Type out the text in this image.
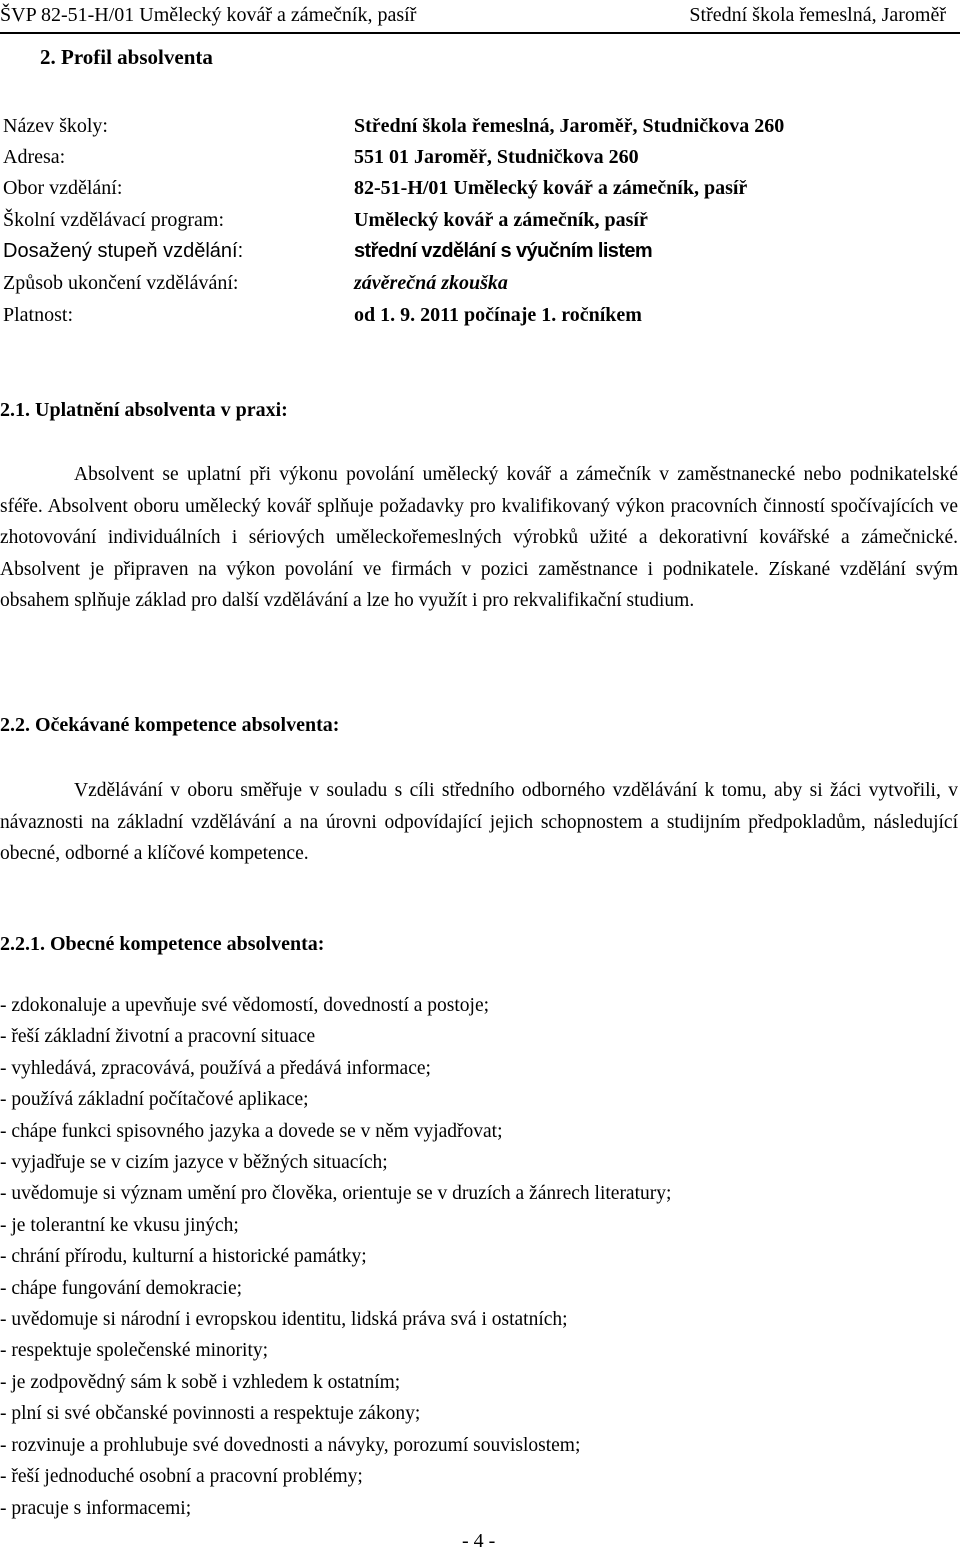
ŠVP 82-51-H/01 Umělecký kovář a zámečník, pasíř	Střední škola řemeslná, Jaroměř
2. Profil absolventa
Název školy:	Střední škola řemeslná, Jaroměř, Studničkova 260
Adresa:	551 01 Jaroměř, Studničkova 260
Obor vzdělání:	82-51-H/01 Umělecký kovář a zámečník, pasíř
Školní vzdělávací program:	Umělecký kovář a zámečník, pasíř
Dosažený stupeň vzdělání:	střední vzdělání s výučním listem
Způsob ukončení vzdělávání:	závěrečná zkouška
Platnost:	od 1. 9. 2011 počínaje 1. ročníkem
2.1. Uplatnění absolventa v praxi:
Absolvent se uplatní při výkonu povolání umělecký kovář a zámečník v zaměstnanecké nebo podnikatelské sféře. Absolvent oboru umělecký kovář splňuje požadavky pro kvalifikovaný výkon pracovních činností spočívajících ve zhotovování individuálních i sériových uměleckořemeslných výrobků užité a dekorativní kovářské a zámečnické. Absolvent je připraven na výkon povolání ve firmách v pozici zaměstnance i podnikatele. Získané vzdělání svým obsahem splňuje základ pro další vzdělávání a lze ho využít i pro rekvalifikační studium.
2.2. Očekávané kompetence absolventa:
Vzdělávání v oboru směřuje v souladu s cíli středního odborného vzdělávání k tomu, aby si žáci vytvořili, v návaznosti na základní vzdělávání a na úrovni odpovídající jejich schopnostem a studijním předpokladům, následující obecné, odborné a klíčové kompetence.
2.2.1. Obecné kompetence absolventa:
- zdokonaluje a upevňuje své vědomostí, dovedností a postoje;
- řeší základní životní a pracovní situace
- vyhledává, zpracovává, používá a předává informace;
- používá základní počítačové aplikace;
- chápe funkci spisovného jazyka a dovede se v něm vyjadřovat;
- vyjadřuje se v cizím jazyce v běžných situacích;
- uvědomuje si význam umění pro člověka, orientuje se v druzích a žánrech literatury;
- je tolerantní ke vkusu jiných;
- chrání přírodu, kulturní a historické památky;
- chápe fungování demokracie;
- uvědomuje si národní i evropskou identitu, lidská práva svá i ostatních;
- respektuje společenské minority;
- je zodpovědný sám k sobě i vzhledem k ostatním;
- plní si své občanské povinnosti a respektuje zákony;
- rozvinuje a prohlubuje své dovednosti a návyky, porozumí souvislostem;
- řeší jednoduché osobní a pracovní problémy;
- pracuje s informacemi;
- 4 -
